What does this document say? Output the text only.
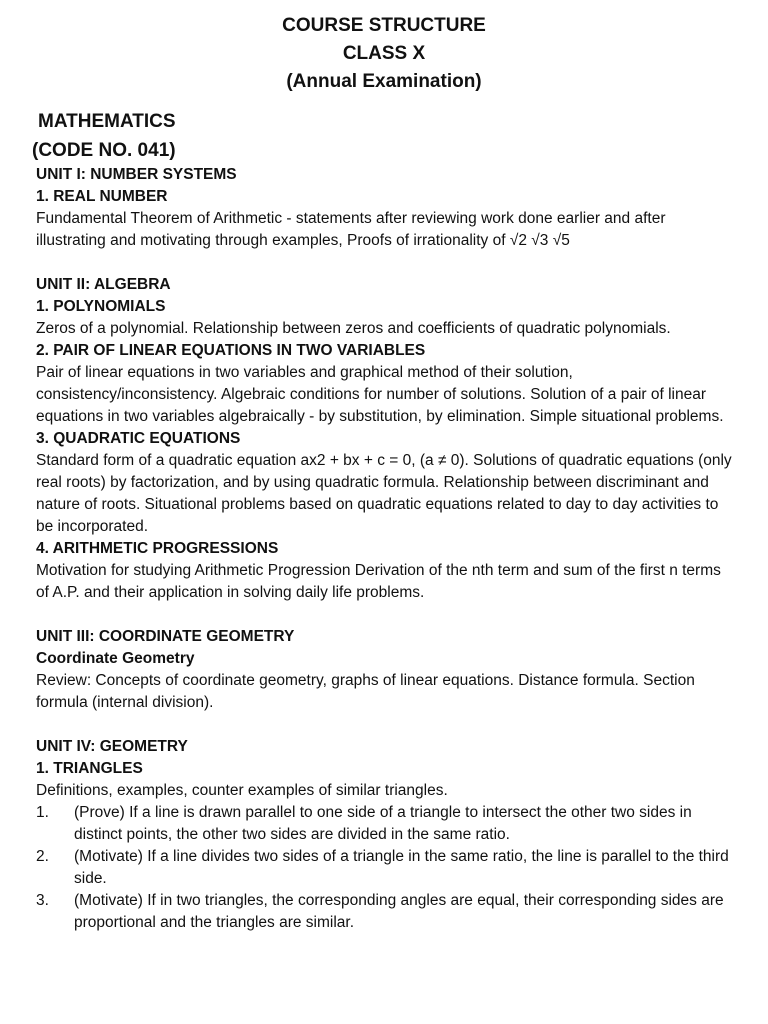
COURSE STRUCTURE
CLASS X
(Annual Examination)
MATHEMATICS
(CODE NO. 041)
UNIT I: NUMBER SYSTEMS
1. REAL NUMBER
Fundamental Theorem of Arithmetic - statements after reviewing work done earlier and after illustrating and motivating through examples, Proofs of irrationality of √2 √3 √5
UNIT II: ALGEBRA
1. POLYNOMIALS
Zeros of a polynomial. Relationship between zeros and coefficients of quadratic polynomials.
2. PAIR OF LINEAR EQUATIONS IN TWO VARIABLES
Pair of linear equations in two variables and graphical method of their solution, consistency/inconsistency. Algebraic conditions for number of solutions. Solution of a pair of linear equations in two variables algebraically - by substitution, by elimination. Simple situational problems.
3. QUADRATIC EQUATIONS
Standard form of a quadratic equation ax2 + bx + c = 0, (a ≠ 0). Solutions of quadratic equations (only real roots) by factorization, and by using quadratic formula. Relationship between discriminant and nature of roots. Situational problems based on quadratic equations related to day to day activities to be incorporated.
4. ARITHMETIC PROGRESSIONS
Motivation for studying Arithmetic Progression Derivation of the nth term and sum of the first n terms of A.P. and their application in solving daily life problems.
UNIT III: COORDINATE GEOMETRY
Coordinate Geometry
Review: Concepts of coordinate geometry, graphs of linear equations. Distance formula. Section formula (internal division).
UNIT IV: GEOMETRY
1. TRIANGLES
Definitions, examples, counter examples of similar triangles.
1. (Prove) If a line is drawn parallel to one side of a triangle to intersect the other two sides in distinct points, the other two sides are divided in the same ratio.
2. (Motivate) If a line divides two sides of a triangle in the same ratio, the line is parallel to the third side.
3. (Motivate) If in two triangles, the corresponding angles are equal, their corresponding sides are proportional and the triangles are similar.
